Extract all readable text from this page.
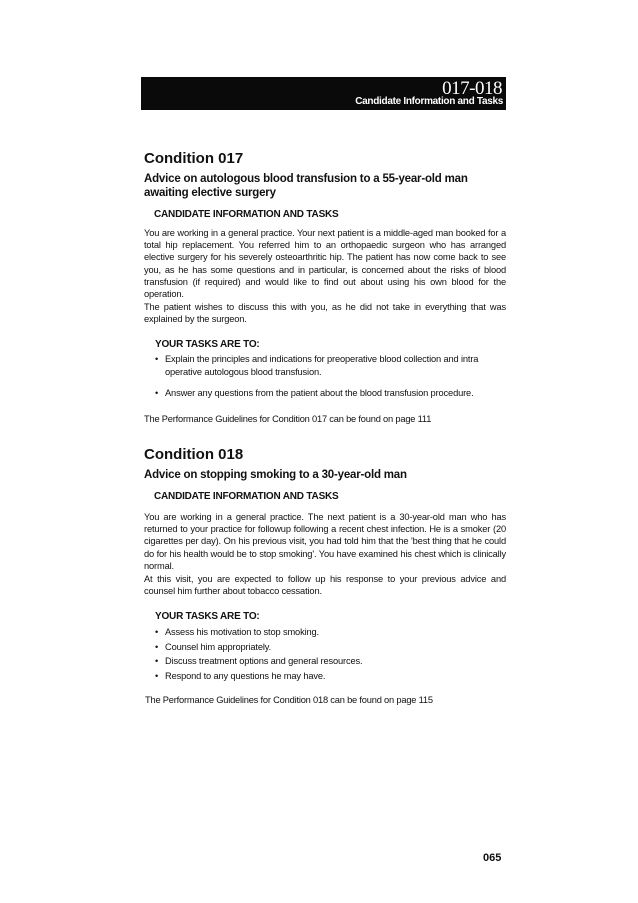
017-018
Candidate Information and Tasks
Condition 017

Advice on autologous blood transfusion to a 55-year-old man

awaiting elective surgery

CANDIDATE INFORMATION AND TASKS

You are working in a general practice. Your next patient is a middle-aged man booked for a total hip replacement. You referred him to an orthopaedic surgeon who has arranged elective surgery for his severely osteoarthritic hip. The patient has now come back to see you, as he has some questions and in particular, is concerned about the risks of blood transfusion (if required) and would like to find out about using his own blood for the operation.

The patient wishes to discuss this with you, as he did not take in everything that was explained by the surgeon.

YOUR TASKS ARE TO:
• Explain the principles and indications for preoperative blood collection and intra operative autologous blood transfusion.
• Answer any questions from the patient about the blood transfusion procedure.
The Performance Guidelines for Condition 017 can be found on page 111
Condition 018

Advice on stopping smoking to a 30-year-old man

CANDIDATE INFORMATION AND TASKS

You are working in a general practice. The next patient is a 30-year-old man who has returned to your practice for followup following a recent chest infection. He is a smoker (20 cigarettes per day). On his previous visit, you had told him that the 'best thing that he could do for his health would be to stop smoking'. You have examined his chest which is clinically normal.

At this visit, you are expected to follow up his response to your previous advice and counsel him further about tobacco cessation.

YOUR TASKS ARE TO:
• Assess his motivation to stop smoking.
• Counsel him appropriately.
• Discuss treatment options and general resources.
• Respond to any questions he may have.
The Performance Guidelines for Condition 018 can be found on page 115
065
